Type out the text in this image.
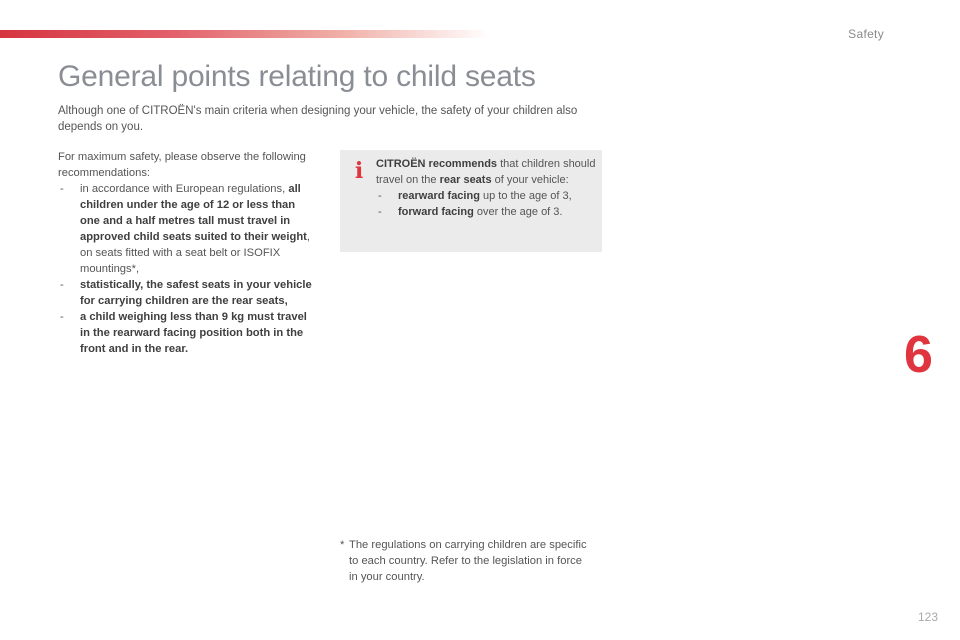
Safety
General points relating to child seats
Although one of CITROËN's main criteria when designing your vehicle, the safety of your children also depends on you.

For maximum safety, please observe the following recommendations:

- in accordance with European regulations, all children under the age of 12 or less than one and a half metres tall must travel in approved child seats suited to their weight, on seats fitted with a seat belt or ISOFIX mountings*,
- statistically, the safest seats in your vehicle for carrying children are the rear seats,
- a child weighing less than 9 kg must travel in the rearward facing position both in the front and in the rear.
i CITROËN recommends that children should travel on the rear seats of your vehicle:

- rearward facing up to the age of 3,
- forward facing over the age of 3.
6
* The regulations on carrying children are specific to each country. Refer to the legislation in force in your country.
123
